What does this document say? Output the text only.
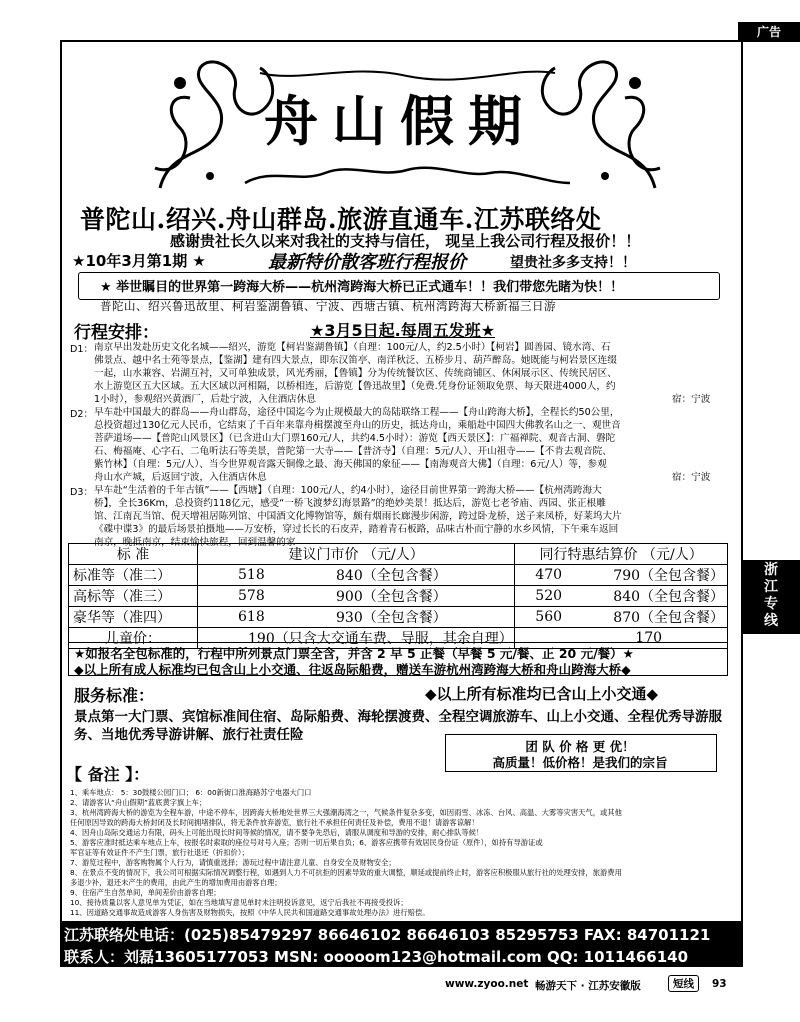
广告
舟山假期
普陀山.绍兴.舟山群岛.旅游直通车.江苏联络处
感谢贵社长久以来对我社的支持与信任， 现呈上我公司行程及报价！！
★10年3月第1期 ★	最新特价散客班行程报价	望贵社多多支持！！
★ 举世瞩目的世界第一跨海大桥——杭州湾跨海大桥已正式通车！！我们带您先睹为快！！
普陀山、绍兴鲁迅故里、柯岩鉴湖鲁镇、宁波、西塘古镇、杭州湾跨海大桥新福三日游
行程安排：	★3月5日起.每周五发班★
D1： 南京早出发赴历史文化名城——绍兴，游览【柯岩鉴湖鲁镇】（自理：100元/人，约2.5小时）【柯岩】圆善园、镜水湾、石
佛景点、越中名士苑等景点，【鉴湖】建有四大景点，即东汉笛亭、南洋秋泛、五桥步月、葫芦醉岛。她既能与柯岩景区连缀
一起，山水兼容、岩湖互衬，又可单独成景，风光秀丽，【鲁镇】分为传统餐饮区、传统商铺区、休闲展示区、传统民居区、
水上游览区五大区域。五大区域以河相隔，以桥相连，后游览【鲁迅故里】（免费.凭身份证领取免票、每天限进4000人，约
1小时），参观绍兴黄酒厂，后赴宁波，入住酒店休息	宿：宁波
D2： 早车赴中国最大的群岛——舟山群岛，途径中国迄今为止规模最大的岛陆联络工程——【舟山跨海大桥】，全程长约50公里，
总投资超过130亿元人民币，它结束了千百年来靠舟楫摆渡至舟山的历史，抵达舟山，乘船赴中国四大佛教名山之一、观世音
菩萨道场——【普陀山风景区】（已含进山大门票160元/人，共约4.5小时）：游览【西天景区】：广福禅院、观音古洞、磐陀
石、梅福庵、心字石、二龟听法石等美景，普陀第一大寺——【普济寺】（自理：5元/人）、开山祖寺——【不肯去观音院、
紫竹林】（自理：5元/人）、当今世界观音露天铜像之最、海天佛国的象征——【南海观音大佛】（自理：6元/人）等，参观
舟山水产城，后返回宁波，入住酒店休息	宿：宁波
D3： 早车赴“生活着的千年古镇”——【西塘】（自理：100元/人，约4小时），途径目前世界第一跨海大桥——【杭州湾跨海大
桥】，全长36Km，总投资约118亿元，感受“一桥飞渡梦幻海景路”的绝妙美景！抵达后，游览七老爷庙、西园、张正根雕
馆、江南瓦当馆、倪天增祖居陈列馆、中国酒文化博物馆等，颇有烟雨长廊漫步闲游，跨过卧龙桥，送子来凤桥，好莱坞大片
《碟中谍3》的最后场景拍摄地——万安桥，穿过长长的石皮弄，踏着青石板路，品味古朴而宁静的水乡风情，下午乘车返回
南京，晚抵南京，结束愉快旅程，回到温馨的家
标 准	建议门市价 （元/人）		同行特惠结算价 （元/人）	
标准等（准二）	518	840（全包含餐）	470	790（全包含餐）
高标等（准三）	578	900（全包含餐）	520	840（全包含餐）
豪华等（准四）	618	930（全包含餐）	560	870（全包含餐）
儿童价：	190（只含大交通车费、导服，其余自理）		170	
★如报名全包标准的，行程中所列景点门票全含，并含 2 早 5 正餐（早餐 5 元/餐、正 20 元/餐）★
◆以上所有成人标准均已包含山上小交通、往返岛际船费，赠送车游杭州湾跨海大桥和舟山跨海大桥◆
服务标准：	◆以上所有标准均已含山上小交通◆
景点第一大门票、宾馆标准间住宿、岛际船费、海轮摆渡费、全程空调旅游车、山上小交通、全程优秀导游服务、当地优秀导游讲解、旅行社责任险
团 队 价 格 更 优！
高质量！低价格！是我们的宗旨
【 备注 】：
1、乘车地点： 5：30鼓楼公园门口； 6：00新街口淮海路苏宁电器大门口
2、请游客认“舟山假期”蓝底黄字旗上车；
3、杭州湾跨海大桥的游览为全程车游，中途不停车，因跨海大桥地处世界三大强潮海湾之一，气候条件复杂多变，如因雨雪、冰冻、台风、高温、大雾等灾害天气，或其他
任何原因导致的跨海大桥封闭及长时间拥堵排队，将无条件放弃游览，旅行社不承担任何责任及补偿，费用不退！请游客谅解！
4、因舟山岛际交通运力有限，码头上可能出现长时间等候的情况，请不要争先恐后，请服从调度和导游的安排，耐心排队等候！
5、游客应准时抵达乘车地点上车，按报名时索取的座位号对号入座；否则一切后果自负；6、游客应携带有效居民身份证（原件），如持有导游证或
军官证等有效证件不产生门票，旅行社退还（折扣价）；
7、游览过程中，游客购物属个人行为，请慎重选择；游玩过程中请注意儿童、自身安全及财物安全；
8、在景点不变的情况下，我公司可根据实际情况调整行程，如遇到人力不可抗拒的因素导致的重大调整，顺延或提前终止时，游客应积极服从旅行社的处理安排，旅游费用
多退少补，退还未产生的费用，由此产生的增加费用由游客自理；
9、住宿产生自然单间，单间差价由游客自理；
10、接待质量以客人意见单为凭证，如在当地填写意见单时未注明投诉意见，返宁后我社不再接受投诉；
11、因道路交通事故造成游客人身伤害及财物损失，按照《中华人民共和国道路交通事故处理办法》进行赔偿。
江苏联络处电话：(025)85479297 86646102 86646103 85295753 FAX: 84701121
联系人：刘磊13605177053 MSN: ooooom123@hotmail.com QQ: 1011466140
www.zyoo.net 畅游天下 · 江苏安徽版	短线	93
浙
江
专
线
